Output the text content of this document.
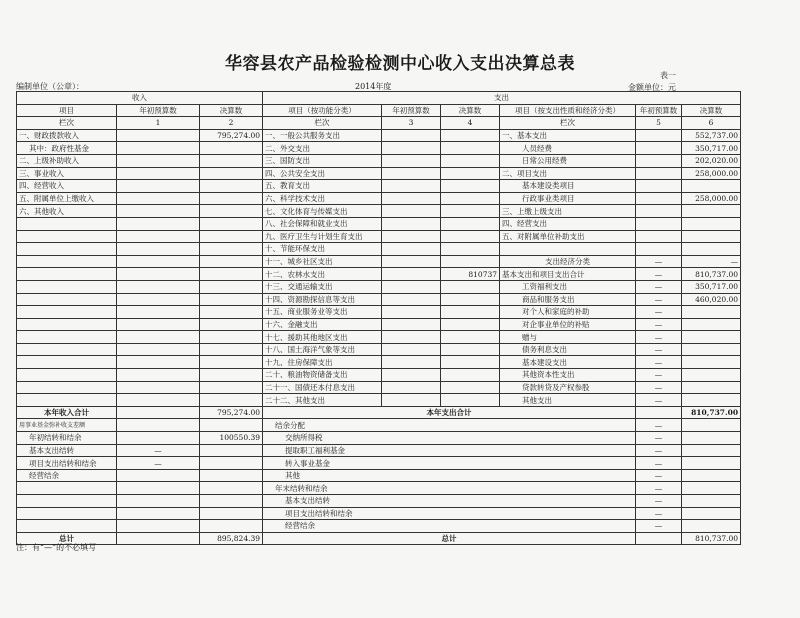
华容县农产品检验检测中心收入支出决算总表
表一
编制单位（公章）：	2014年度	金额单位：元
收入			支出					
项目	年初预算数	决算数	项目（按功能分类）	年初预算数	决算数	项目（按支出性质和经济分类）	年初预算数	决算数
栏次	1	2	栏次	3	4	栏次	5	6
一、财政拨款收入		795,274.00	一、一般公共服务支出			一、基本支出		552,737.00
其中：政府性基金			二、外交支出			人员经费		350,717.00
二、上级补助收入			三、国防支出			日常公用经费		202,020.00
三、事业收入			四、公共安全支出			二、项目支出		258,000.00
四、经营收入			五、教育支出			基本建设类项目		
五、附属单位上缴收入			六、科学技术支出			行政事业类项目		258,000.00
六、其他收入			七、文化体育与传媒支出			三、上缴上级支出		
			八、社会保障和就业支出			四、经营支出		
			九、医疗卫生与计划生育支出			五、对附属单位补助支出		
			十、节能环保支出					
			十一、城乡社区支出			支出经济分类	—	—
			十二、农林水支出		810737	基本支出和项目支出合计	—	810,737.00
			十三、交通运输支出			工资福利支出	—	350,717.00
			十四、资源勘探信息等支出			商品和服务支出	—	460,020.00
			十五、商业服务业等支出			对个人和家庭的补助	—	
			十六、金融支出			对企事业单位的补贴	—	
			十七、援助其他地区支出			赠与	—	
			十八、国土海洋气象等支出			债务利息支出	—	
			十九、住房保障支出			基本建设支出	—	
			二十、粮油物资储备支出			其他资本性支出	—	
			二十一、国债还本付息支出			贷款转贷及产权参股	—	
			二十二、其他支出			其他支出	—	
本年收入合计		795,274.00	本年支出合计					810,737.00
用事业基金弥补收支差额			结余分配				—	
年初结转和结余		100550.39	交纳所得税				—	
基本支出结转	—		提取职工福利基金				—	
项目支出结转和结余	—		转入事业基金				—	
经营结余			其他				—	
			年末结转和结余				—	
			基本支出结转				—	
			项目支出结转和结余				—	
			经营结余				—	
总计		895,824.39	总计					810,737.00
注：有“—”的不必填写
